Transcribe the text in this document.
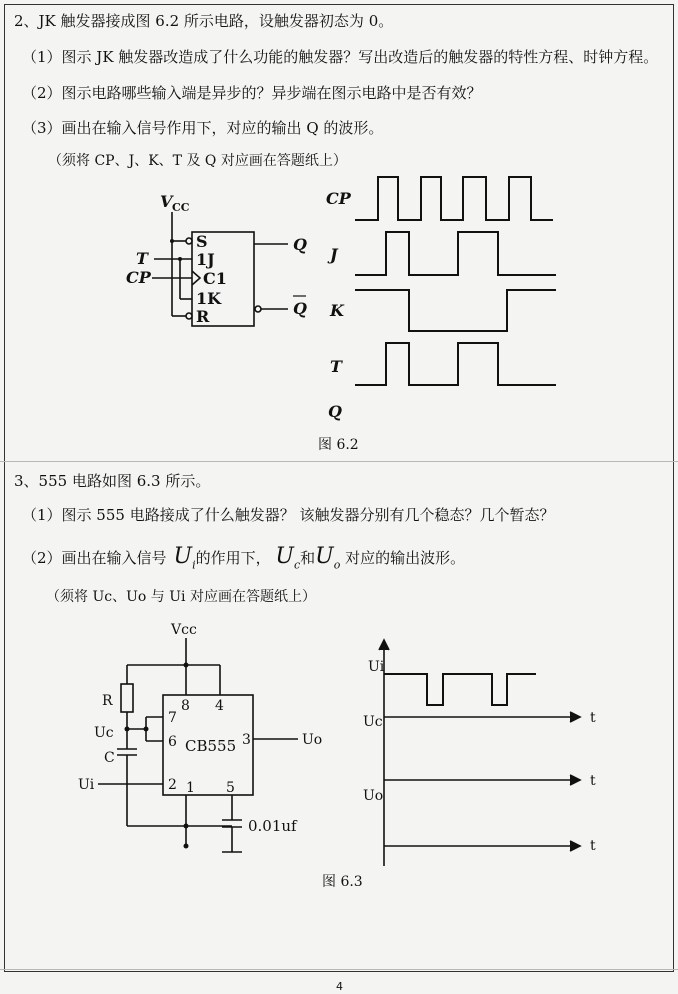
2、JK 触发器接成图 6.2 所示电路，设触发器初态为 0。
（1）图示 JK 触发器改造成了什么功能的触发器？写出改造后的触发器的特性方程、时钟方程。
（2）图示电路哪些输入端是异步的？异步端在图示电路中是否有效？
（3）画出在输入信号作用下，对应的输出 Q 的波形。
（须将 CP、J、K、T 及 Q 对应画在答题纸上）
V CC
S
1J
C1
1K
R
T
CP
Q
Q
CP
J
K
T
Q
图 6.2
3、555 电路如图 6.3 所示。
（1）图示 555 电路接成了什么触发器？ 该触发器分别有几个稳态？几个暂态？
（2）画出在输入信号 $U_i$的作用下， $U_c$和$U_o$ 对应的输出波形。
（须将 Uc、Uo 与 Ui 对应画在答题纸上）
Vcc
R
Uc
C
Ui
8 4
7
6	3
2 1 5
CB555	Uo
0.01uf
Ui
Uc
Uo
t
t
t
图 6.3
4
